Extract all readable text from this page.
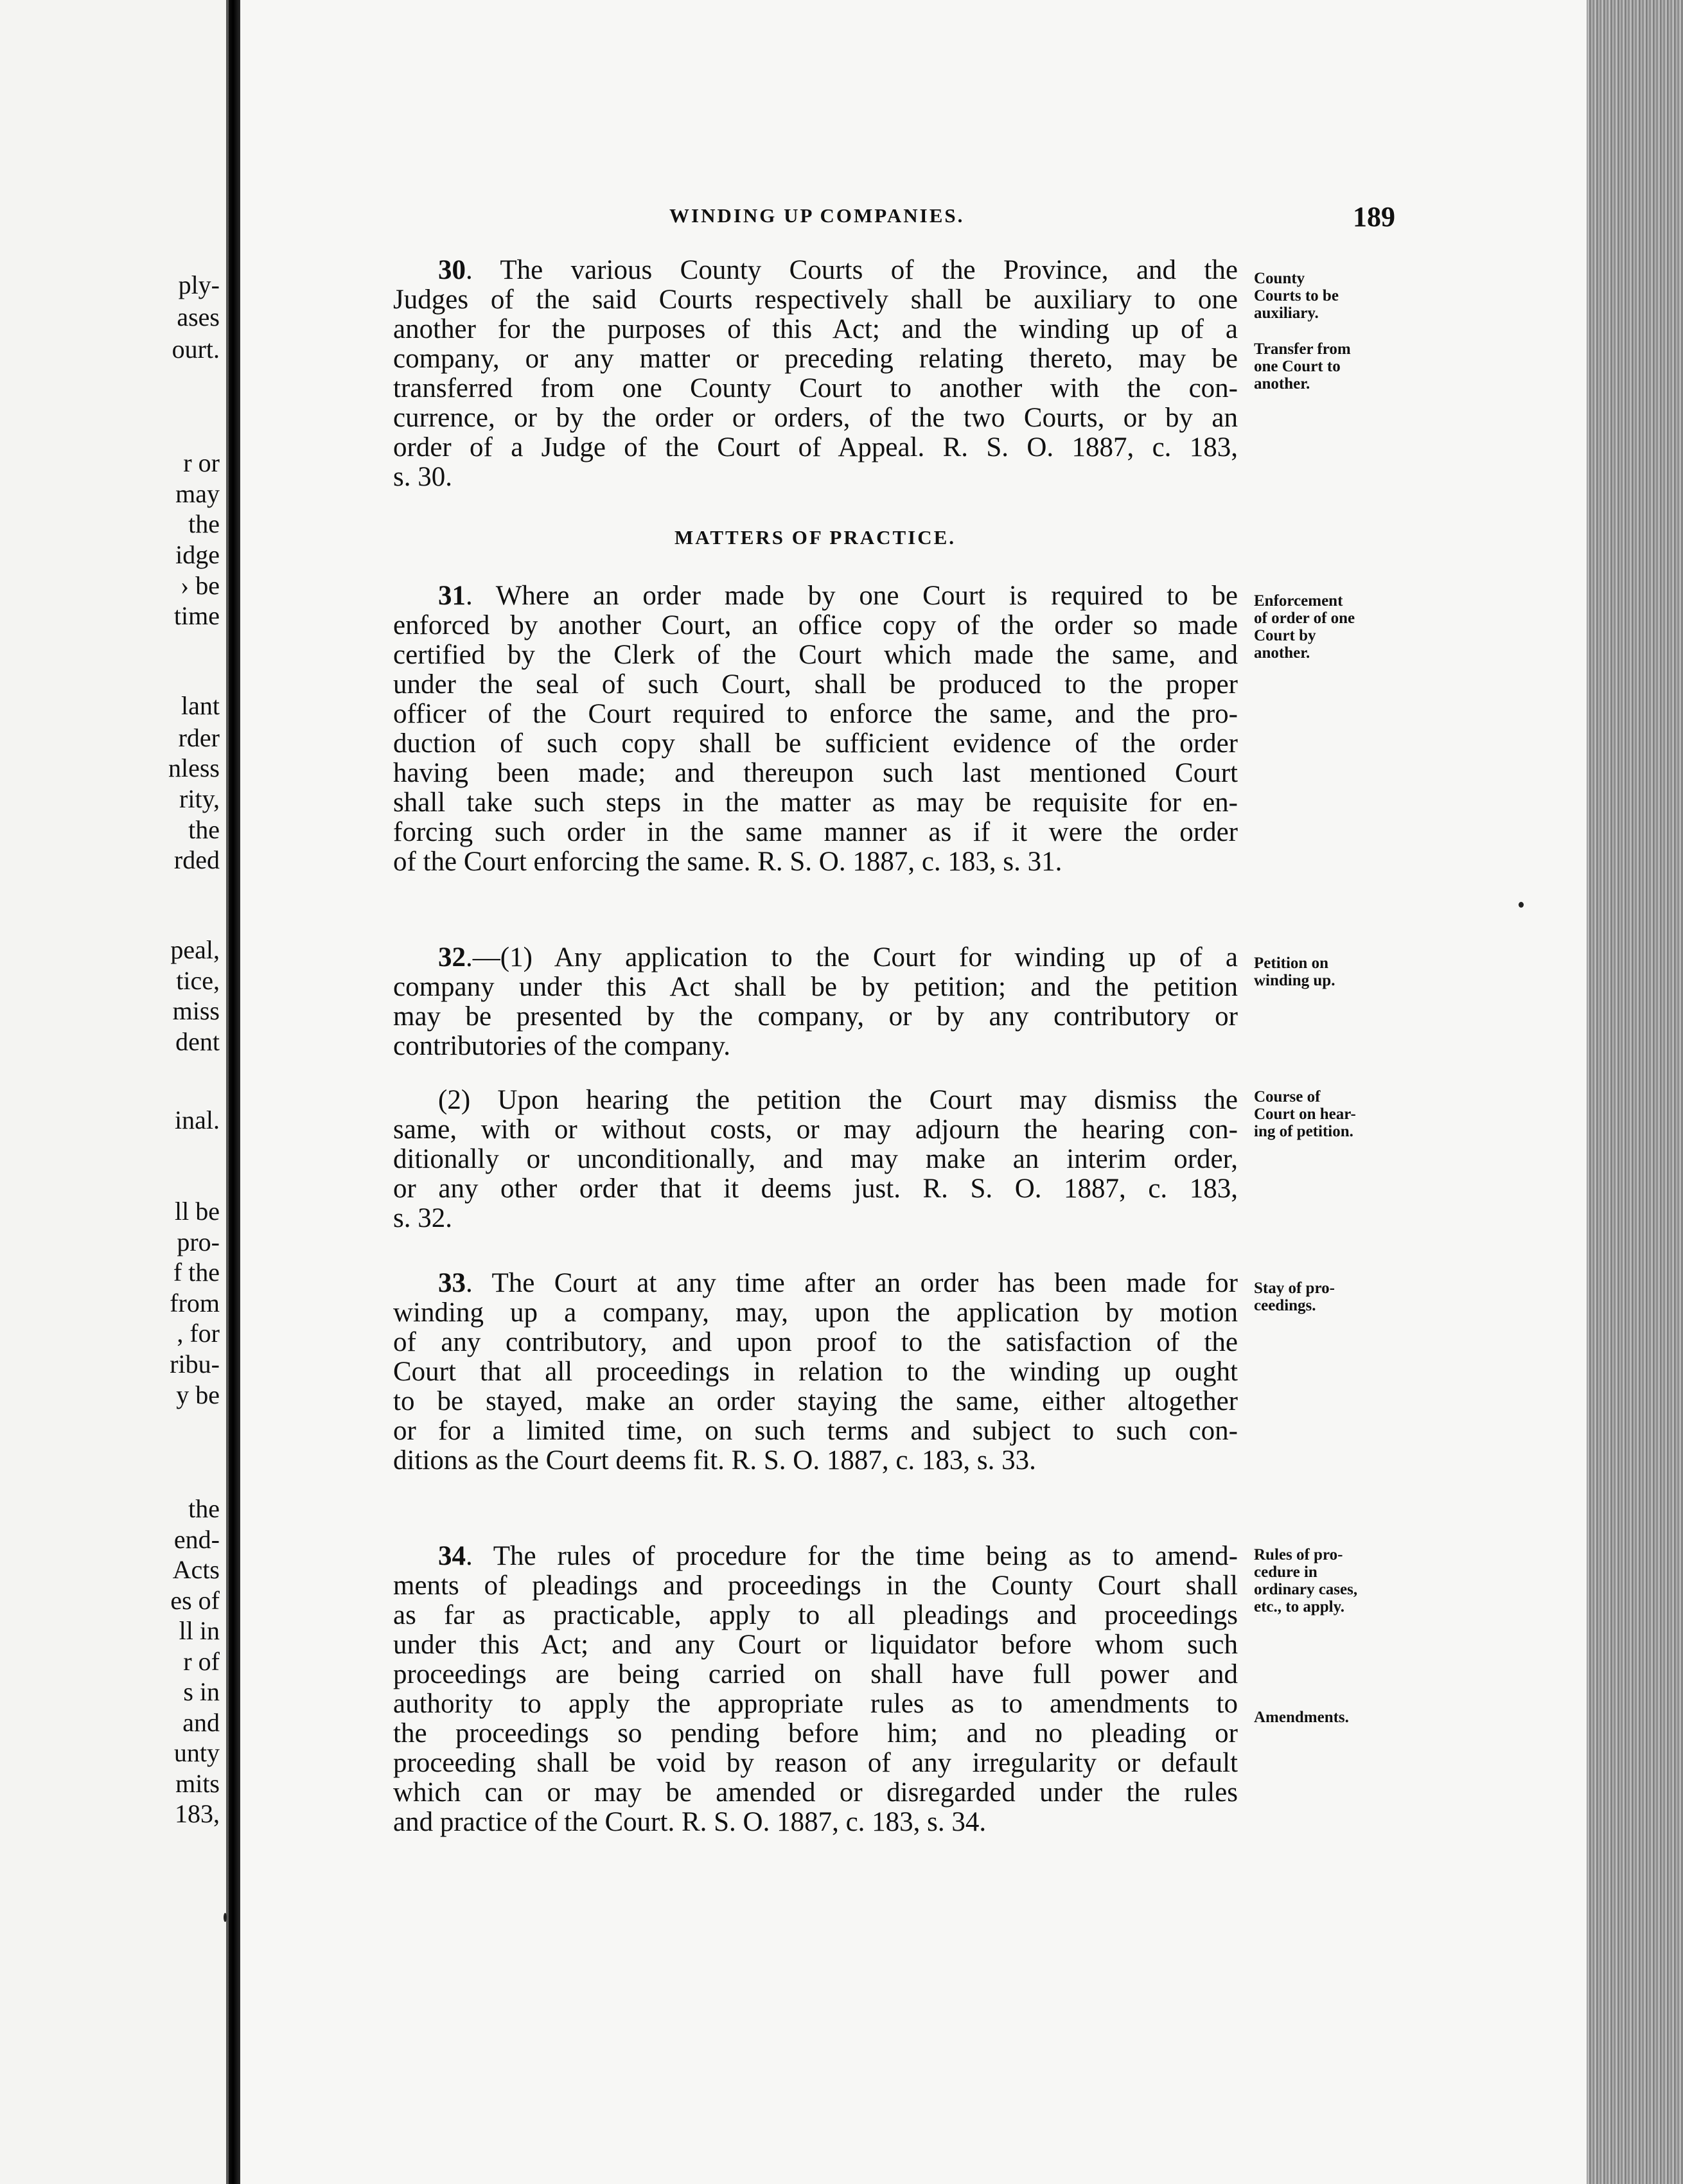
ply-
ases
ourt.
r or
may
the
idge
› be
time
lant
rder
nless
rity,
the
rded
peal,
tice,
miss
dent
inal.
ll be
pro-
f the
from
, for
ribu-
y be
the
end-
Acts
es of
ll in
r of
s in
and
unty
mits
183,
WINDING UP COMPANIES.	189
MATTERS OF PRACTICE.
30. The various County Courts of the Province, and the
Judges of the said Courts respectively shall be auxiliary to one
another for the purposes of this Act; and the winding up of a
company, or any matter or preceding relating thereto, may be
transferred from one County Court to another with the con-
currence, or by the order or orders, of the two Courts, or by an
order of a Judge of the Court of Appeal. R. S. O. 1887, c. 183,
s. 30.
31. Where an order made by one Court is required to be
enforced by another Court, an office copy of the order so made
certified by the Clerk of the Court which made the same, and
under the seal of such Court, shall be produced to the proper
officer of the Court required to enforce the same, and the pro-
duction of such copy shall be sufficient evidence of the order
having been made; and thereupon such last mentioned Court
shall take such steps in the matter as may be requisite for en-
forcing such order in the same manner as if it were the order
of the Court enforcing the same. R. S. O. 1887, c. 183, s. 31.
32.—(1) Any application to the Court for winding up of a
company under this Act shall be by petition; and the petition
may be presented by the company, or by any contributory or
contributories of the company.
(2) Upon hearing the petition the Court may dismiss the
same, with or without costs, or may adjourn the hearing con-
ditionally or unconditionally, and may make an interim order,
or any other order that it deems just. R. S. O. 1887, c. 183,
s. 32.
33. The Court at any time after an order has been made for
winding up a company, may, upon the application by motion
of any contributory, and upon proof to the satisfaction of the
Court that all proceedings in relation to the winding up ought
to be stayed, make an order staying the same, either altogether
or for a limited time, on such terms and subject to such con-
ditions as the Court deems fit. R. S. O. 1887, c. 183, s. 33.
34. The rules of procedure for the time being as to amend-
ments of pleadings and proceedings in the County Court shall
as far as practicable, apply to all pleadings and proceedings
under this Act; and any Court or liquidator before whom such
proceedings are being carried on shall have full power and
authority to apply the appropriate rules as to amendments to
the proceedings so pending before him; and no pleading or
proceeding shall be void by reason of any irregularity or default
which can or may be amended or disregarded under the rules
and practice of the Court. R. S. O. 1887, c. 183, s. 34.
County
Courts to be
auxiliary.
Transfer from
one Court to
another.
Enforcement
of order of one
Court by
another.
Petition on
winding up.
Course of
Court on hear-
ing of petition.
Stay of pro-
ceedings.
Rules of pro-
cedure in
ordinary cases,
etc., to apply.
Amendments.
